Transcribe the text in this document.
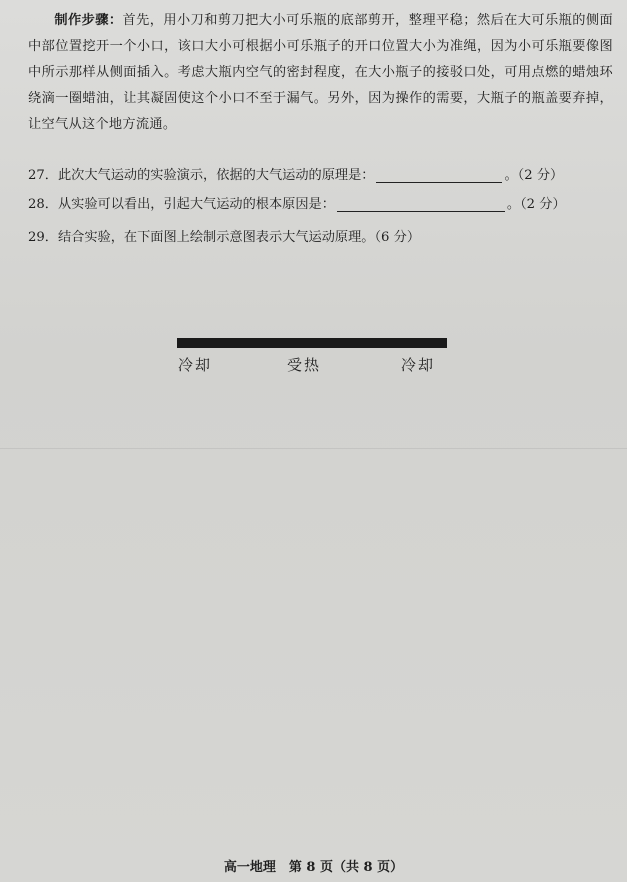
制作步骤：首先，用小刀和剪刀把大小可乐瓶的底部剪开，整理平稳；然后在大可乐瓶的侧面中部位置挖开一个小口，该口大小可根据小可乐瓶子的开口位置大小为准绳，因为小可乐瓶要像图中所示那样从侧面插入。考虑大瓶内空气的密封程度，在大小瓶子的接驳口处，可用点燃的蜡烛环绕滴一圈蜡油，让其凝固使这个小口不至于漏气。另外，因为操作的需要，大瓶子的瓶盖要弃掉，让空气从这个地方流通。

27．此次大气运动的实验演示，依据的大气运动的原理是：	。（2 分）
28．从实验可以看出，引起大气运动的根本原因是：	。（2 分）
29．结合实验，在下面图上绘制示意图表示大气运动原理。（6 分）
冷却	受热	冷却
高一地理　第 8 页（共 8 页）
